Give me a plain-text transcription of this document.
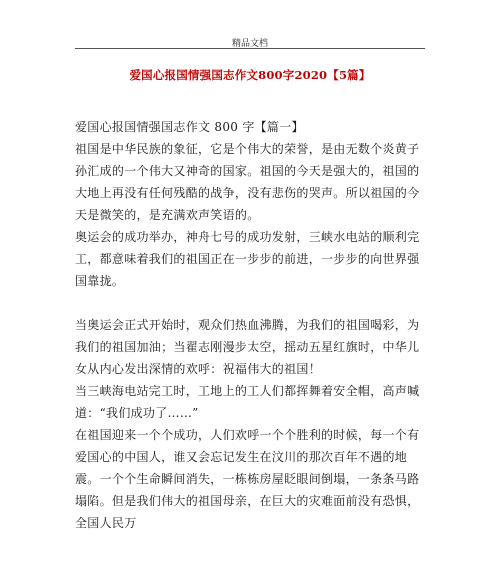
精品文档
爱国心报国情强国志作文800字2020【5篇】

爱国心报国情强国志作文 800 字【篇一】

祖国是中华民族的象征，它是个伟大的荣誉，是由无数个炎黄子孙汇成的一个伟大又神奇的国家。祖国的今天是强大的，祖国的大地上再没有任何残酷的战争，没有悲伤的哭声。所以祖国的今天是微笑的，是充满欢声笑语的。

奥运会的成功举办，神舟七号的成功发射，三峡水电站的顺利完工，都意味着我们的祖国正在一步步的前进，一步步的向世界强国靠拢。

当奥运会正式开始时，观众们热血沸腾，为我们的祖国喝彩，为我们的祖国加油；当翟志刚漫步太空，摇动五星红旗时，中华儿女从内心发出深情的欢呼：祝福伟大的祖国！

当三峡海电站完工时，工地上的工人们都挥舞着安全帽，高声喊道：“我们成功了……”

在祖国迎来一个个成功，人们欢呼一个个胜利的时候，每一个有爱国心的中国人，谁又会忘记发生在汶川的那次百年不遇的地震。一个个生命瞬间消失，一栋栋房屋眨眼间倒塌，一条条马路塌陷。但是我们伟大的祖国母亲，在巨大的灾难面前没有恐惧，全国人民万
